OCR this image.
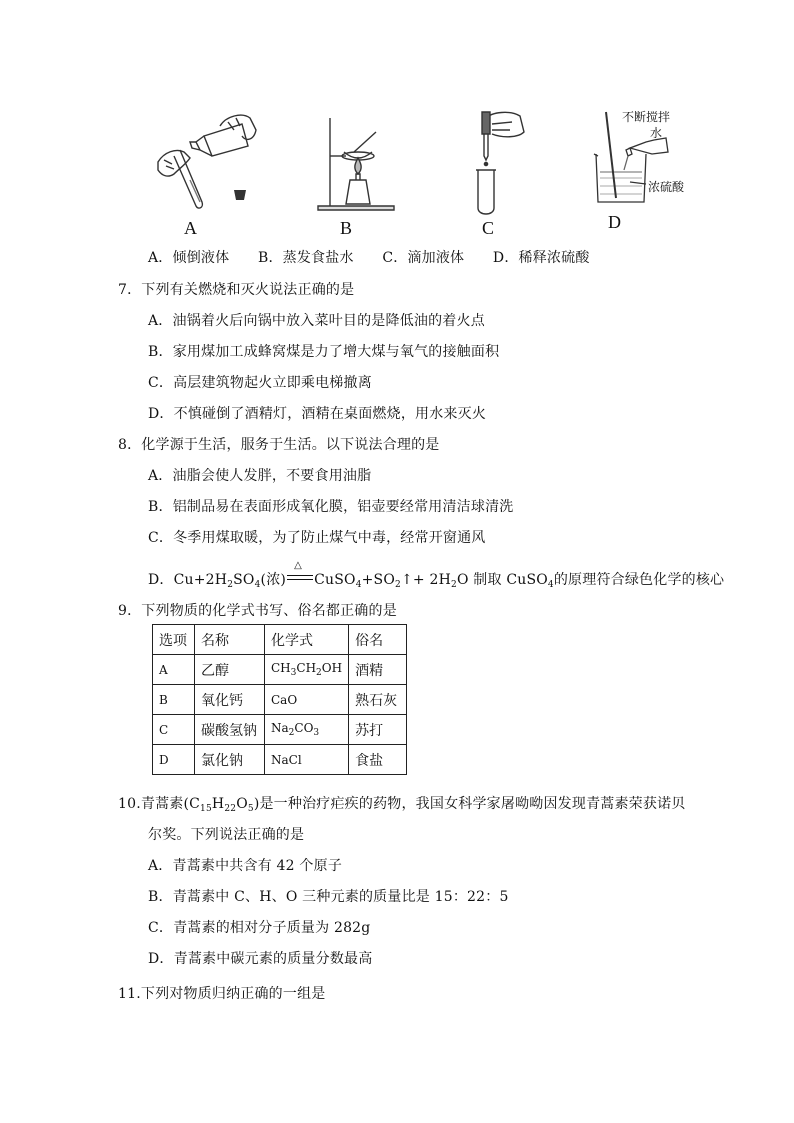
A	B	C
不断搅拌
水
浓硫酸
D
A．倾倒液体 B．蒸发食盐水 C．滴加液体 D．稀释浓硫酸
7．下列有关燃烧和灭火说法正确的是
A．油锅着火后向锅中放入菜叶目的是降低油的着火点
B．家用煤加工成蜂窝煤是力了增大煤与氧气的接触面积
C．高层建筑物起火立即乘电梯撤离
D．不慎碰倒了酒精灯，酒精在桌面燃烧，用水来灭火
8．化学源于生活，服务于生活。以下说法合理的是
A．油脂会使人发胖，不要食用油脂
B．铝制品易在表面形成氧化膜，铝壶要经常用清洁球清洗
C．冬季用煤取暖，为了防止煤气中毒，经常开窗通风
D．$Cu+2H_2SO_4$(浓)
△
$CuSO_4+SO_2↑+ 2H_2O$ 制取 CuSO$_4$的原理符合绿色化学的核心
9．下列物质的化学式书写、俗名都正确的是
选项	名称	化学式	俗名
A	乙醇	$CH_3CH_2OH$	酒精
B	氧化钙	CaO	熟石灰
C	碳酸氢钠	$Na_2CO_3$	苏打
D	氯化钠	NaCl	食盐
10.青蒿素$(C_{15}H_{22}O_5)$是一种治疗疟疾的药物，我国女科学家屠呦呦因发现青蒿素荣获诺贝
尔奖。下列说法正确的是
A．青蒿素中共含有 42 个原子
B．青蒿素中 C、H、O 三种元素的质量比是 15：22：5
C．青蒿素的相对分子质量为 282g
D．青蒿素中碳元素的质量分数最高
11.下列对物质归纳正确的一组是
